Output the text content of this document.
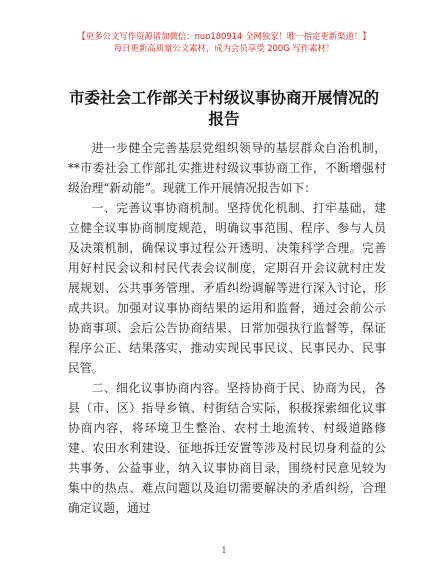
【更多公文写作资源请加微信：nuo180914 全网独家！唯一指定更新渠道！】
每日更新高质量公文素材，成为会员享受 200G 写作素材！
市委社会工作部关于村级议事协商开展情况的
报告

进一步健全完善基层党组织领导的基层群众自治机制，**市委社会工作部扎实推进村级议事协商工作，不断增强村级治理“新动能”。现就工作开展情况报告如下：

一、完善议事协商机制。坚持优化机制、打牢基础，建立健全议事协商制度规范，明确议事范围、程序、参与人员及决策机制，确保议事过程公开透明、决策科学合理。完善用好村民会议和村民代表会议制度，定期召开会议就村庄发展规划、公共事务管理、矛盾纠纷调解等进行深入讨论，形成共识。加强对议事协商结果的运用和监督，通过会前公示协商事项、会后公告协商结果、日常加强执行监督等，保证程序公正、结果落实，推动实现民事民议、民事民办、民事民管。

二、细化议事协商内容。坚持协商于民、协商为民，各县（市、区）指导乡镇、村街结合实际，积极探索细化议事协商内容，将环境卫生整治、农村土地流转、村级道路修建、农田水利建设、征地拆迁安置等涉及村民切身利益的公共事务、公益事业，纳入议事协商目录，围绕村民意见较为集中的热点、难点问题以及迫切需要解决的矛盾纠纷，合理确定议题，通过

1
